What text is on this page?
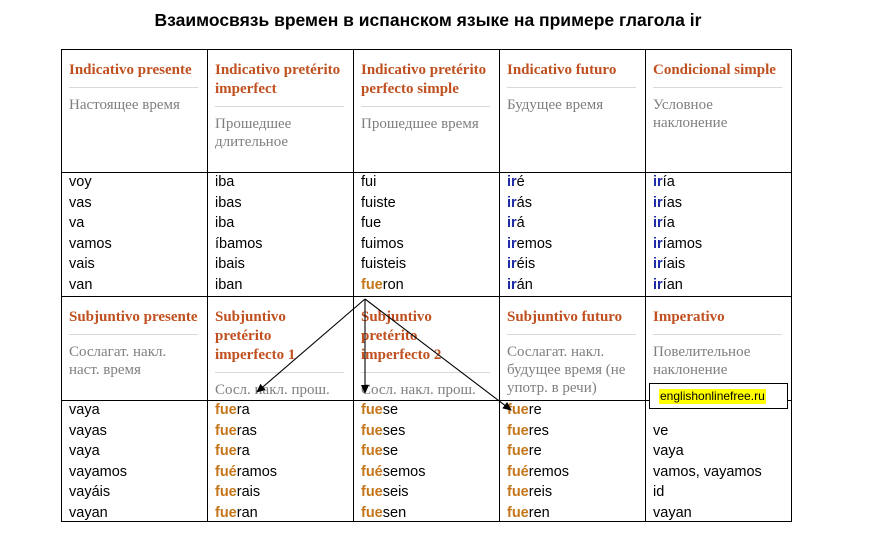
Взаимосвязь времен в испанском языке на примере глагола ir
Indicativo presente
Настоящее время
voy
vas
va
vamos
vais
van
Indicativo pretérito imperfect
Прошедшее длительное
iba
ibas
iba
íbamos
ibais
iban
Indicativo pretérito perfecto simple
Прошедшее время
fui
fuiste
fue
fuimos
fuisteis
fueron
Indicativo futuro
Будущее время
iré
irás
irá
iremos
iréis
irán
Condicional simple
Условное наклонение
iría
irías
iría
iríamos
iríais
irían
Subjuntivo presente
Сослагат. накл. наст. время
vaya
vayas
vaya
vayamos
vayáis
vayan
Subjuntivo pretérito imperfecto 1
Сосл. накл. прош.
fuera
fueras
fuera
fuéramos
fuerais
fueran
Subjuntivo pretérito imperfecto 2
Сосл. накл. прош.
fuese
fueses
fuese
fuésemos
fueseis
fuesen
Subjuntivo futuro
Сослагат. накл. будущее время (не употр. в речи)
fuere
fueres
fuere
fuéremos
fuereis
fueren
Imperativo
Повелительное наклонение
ve
vaya
vamos, vayamos
id
vayan
englishonlinefree.ru
